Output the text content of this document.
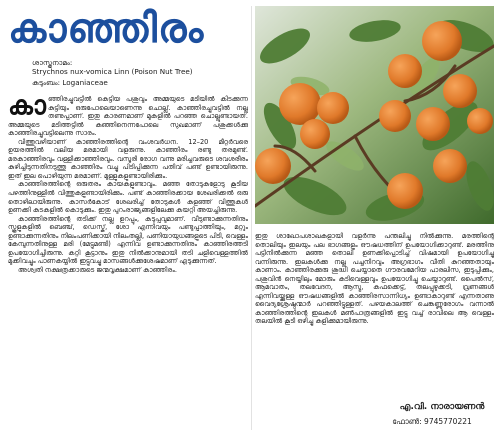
കാഞ്ഞിരം
ശാസ്ത്രനാമം:
Strychnos nux-vomica Linn (Poison Nut Tree)
കുടുംബം: Loganiaceae

കാഞ്ഞിരച്ചുവട്ടിൽ കെട്ടിയ പശുവും അമ്മയുടെ മടിയിൽ കിടക്കുന്ന കുട്ടിയും ഒരുപോലെയാണെന്നു ചൊല്ല്. കാഞ്ഞിരച്ചുവട്ടിൽ നല്ല തണുപ്പാണ്. ഇതു കാരണമാണ് മുകളിൽ പറഞ്ഞ ചൊല്ലുണ്ടായത്. അമ്മയുടെ മടിത്തട്ടിൽ കുഞ്ഞിനെന്നപോലെ സുഖമാണ് പശുക്കൾക്കു കാഞ്ഞിരച്ചുവട്ടിലെന്നു സാരം.

വിത്തുവഴിയാണ് കാഞ്ഞിരത്തിന്റെ വംശവർധന. 12–20 മീറ്റർവരെ ഉയരത്തിൽ വലിയ മരമായി വളരുന്നു. കാഞ്ഞിരം രണ്ടു തരമുണ്ട്. മരകാഞ്ഞിരവും വള്ളിക്കാഞ്ഞിരവും. വസൂരി രോഗ വന്നു മരിച്ചവരുടെ ശവശരീരം കുഴിച്ചിടുന്നതിനടുത്തു കാഞ്ഞിരം വച്ചു പിടിപ്പിക്കുന്ന പതിവ് പണ്ട് ഉണ്ടായിരുന്നു. ഇത് ഇല പൊഴിയുന്ന മരമാണ്. മുള്ളുകളുണ്ടായിരിക്കും.

കാഞ്ഞിരത്തിന്റെ ഒരുതരം കായകളുണ്ടാവും. മഞ്ഞ തോടുകളോടു കൂടിയ പഴത്തിനുള്ളിൽ വിത്തുകളുണ്ടായിരിക്കും. പണ്ട് കാഞ്ഞിരക്കായ ശേഖരിക്കൽ ഒരു തൊഴിലായിരുന്നു. കാസർകോട് ശേഖരിച്ച് തോടുകൾ കളഞ്ഞ് വിത്തുകൾ ഉണക്കി കടകളിൽ കൊടുക്കും. ഇതു പുറംരാജ്യങ്ങളിലേക്കു കയറ്റി അയച്ചിരുന്നു.

കാഞ്ഞിരത്തിന്റെ തടിക്ക് നല്ല ഉറപ്പും, കടുപ്പവുമാണ്. വീടുണ്ടാക്കുന്നതിനും സ്കൂളുകളിൽ ബെഞ്ച്, ഡെസ്ക്, ശോ എന്നിവയും പണ്ടുപ്പാത്തിയും, മറ്റും ഉണ്ടാക്കുന്നതിനും നിലംപണിക്കായി നിലംതല്ലി, പണിയായുധങ്ങളുടെ പിടി, വെള്ളം കേമ്പുന്നതിനുള്ള മരി (മേട്ടുമണ്ടി) എന്നിവ ഉണ്ടാക്കുന്നതിനും കാഞ്ഞിരത്തടി ഉപയോഗിച്ചിരുന്നു. കറ്റി കൂട്ടാനും ഇതു നിൽക്കാനുമായി തടി ചളിവെള്ളത്തിൽ മുക്കിവച്ചും പാണകയ്യിൽ ഇട്ടുവച്ചു മാസങ്ങൾക്കുശേഷമാണ് എടുക്കുന്നത്.

അശ്വതി നക്ഷത്രക്കാരുടെ ജന്മവൃക്ഷമാണ് കാഞ്ഞിരം.

ഇതു ശാഖോപശാഖകളായി വളർന്നു പന്തലിച്ചു നിൽക്കുന്നു. മരത്തിന്റെ തൊലിയും ഇലയും പല ഭാഗങ്ങളും ഔഷധത്തിന് ഉപയോഗിക്കാറുണ്ട്. മരത്തിനു പട്ടിനിൽക്കുന്ന മഞ്ഞ തൊലി ഉണക്കിപ്പൊടിച്ച് വിഷമായി ഉപയോഗിച്ചു വന്നിരുന്നു. ഇലകൾക്കു നല്ല പച്ചനിറവും അഗ്രഭാഗം വീതി കുറഞ്ഞതായും കാണാം. കാഞ്ഞിരക്കുരു ശുദ്ധി ചെയ്യാതെ ഗൗരവമേറിയ പാരലിസ, ഇടുപ്പിക്കും, പശുവിൻ നെയ്യിലും മോരും കുടിവെള്ളവും ഉപയോഗിച്ചു ചെയ്യാറുണ്ട്. പൈൽസ്, ആമവാതം, തലവേദന, ആസ്മ, കഫക്കെട്ട്, തലപ്പുഴുക്കടി, വ്രണങ്ങൾ എന്നിവയ്ക്കുള്ള ഔഷധങ്ങളിൽ കാഞ്ഞിരസാന്നിധ്യം ഉണ്ടാകാറുണ്ട് എന്നതാണു വൈദ്യശ്രേഷ്ഠന്മാർ പറഞ്ഞിട്ടുള്ളത്. പഴയകാലത്ത് ചെങ്കണ്ണുരോഗം വന്നാൽ കാഞ്ഞിരത്തിന്റെ ഇലകൾ മൺപാത്രങ്ങളിൽ ഇട്ടു വച്ച് രാവിലെ ആ വെള്ളം തലയിൽ കൂടി ഒഴിച്ചു കുളിക്കുമായിരുന്നു.

എ.വി. നാരായണൻ
ഫോൺ: 9745770221
